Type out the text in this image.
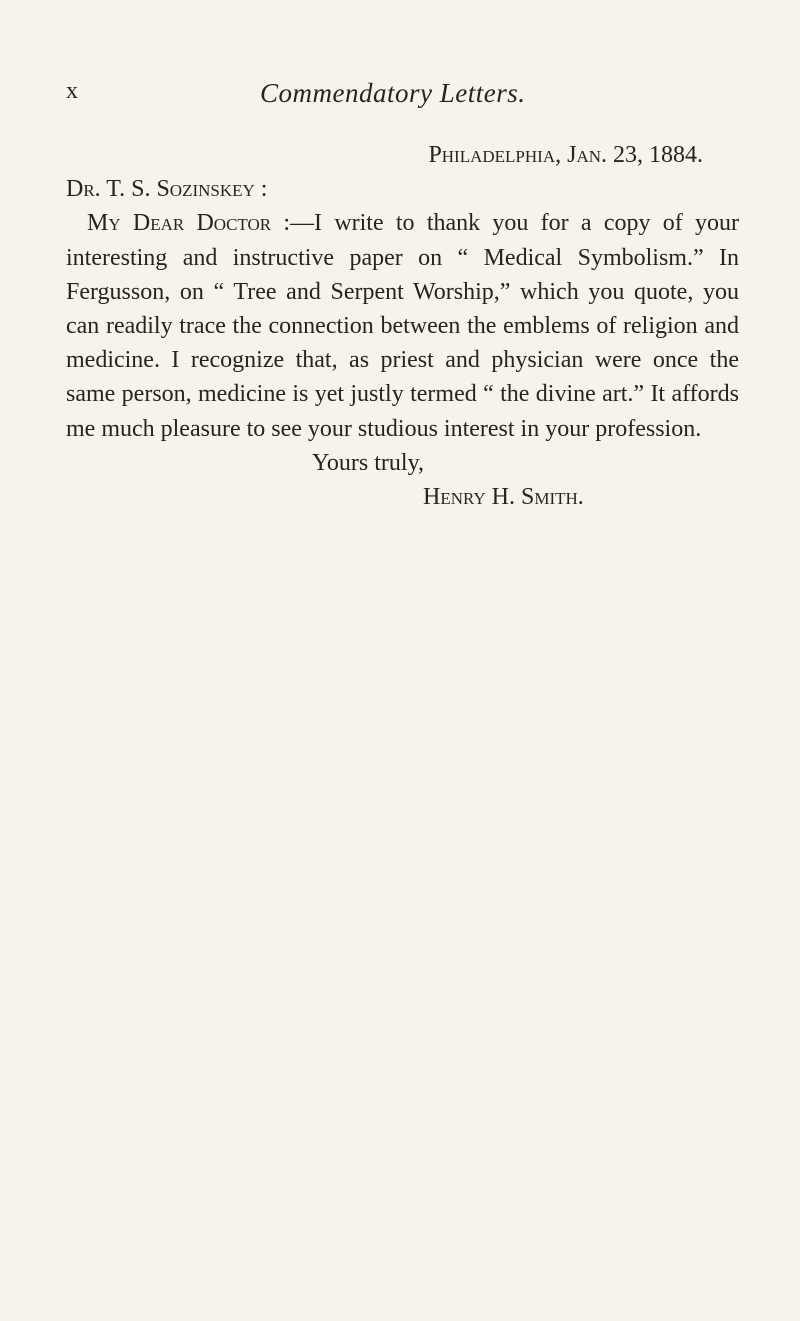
x	Commendatory Letters.

Philadelphia, Jan. 23, 1884.

Dr. T. S. Sozinskey :

My Dear Doctor :—I write to thank you for a copy of your interesting and instructive paper on “ Medical Symbolism.” In Fergusson, on “ Tree and Serpent Worship,” which you quote, you can readily trace the connection between the emblems of religion and medicine. I recognize that, as priest and physician were once the same person, medicine is yet justly termed “ the divine art.” It affords me much pleasure to see your studious interest in your profession.

Yours truly,

Henry H. Smith.
